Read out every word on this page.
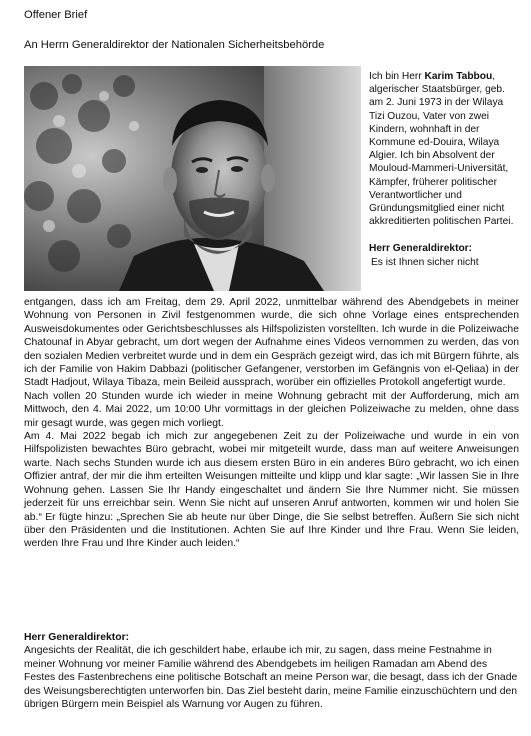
Offener Brief
An Herrn Generaldirektor der Nationalen Sicherheitsbehörde

Ich bin Herr Karim Tabbou, algerischer Staatsbürger, geb. am 2. Juni 1973 in der Wilaya Tizi Ouzou, Vater von zwei Kindern, wohnhaft in der Kommune ed-Douira, Wilaya Algier. Ich bin Absolvent der Mouloud-Mammeri-Universität, Kämpfer, früherer politischer Verantwortlicher und Gründungsmitglied einer nicht akkreditierten politischen Partei.

Herr Generaldirektor:

Es ist Ihnen sicher nicht

entgangen, dass ich am Freitag, dem 29. April 2022, unmittelbar während des Abendgebets in meiner Wohnung von Personen in Zivil festgenommen wurde, die sich ohne Vorlage eines entsprechenden Ausweisdokumentes oder Gerichtsbeschlusses als Hilfspolizisten vorstellten. Ich wurde in die Polizeiwache Chatounaf in Abyar gebracht, um dort wegen der Aufnahme eines Videos vernommen zu werden, das von den sozialen Medien verbreitet wurde und in dem ein Gespräch gezeigt wird, das ich mit Bürgern führte, als ich der Familie von Hakim Dabbazi (politischer Gefangener, verstorben im Gefängnis von el-Qeliaa) in der Stadt Hadjout, Wilaya Tibaza, mein Beileid aussprach, worüber ein offizielles Protokoll angefertigt wurde.

Nach vollen 20 Stunden wurde ich wieder in meine Wohnung gebracht mit der Aufforderung, mich am Mittwoch, den 4. Mai 2022, um 10:00 Uhr vormittags in der gleichen Polizeiwache zu melden, ohne dass mir gesagt wurde, was gegen mich vorliegt.

Am 4. Mai 2022 begab ich mich zur angegebenen Zeit zu der Polizeiwache und wurde in ein von Hilfspolizisten bewachtes Büro gebracht, wobei mir mitgeteilt wurde, dass man auf weitere Anweisungen warte. Nach sechs Stunden wurde ich aus diesem ersten Büro in ein anderes Büro gebracht, wo ich einen Offizier antraf, der mir die ihm erteilten Weisungen mitteilte und klipp und klar sagte: „Wir lassen Sie in Ihre Wohnung gehen. Lassen Sie Ihr Handy eingeschaltet und ändern Sie Ihre Nummer nicht. Sie müssen jederzeit für uns erreichbar sein. Wenn Sie nicht auf unseren Anruf antworten, kommen wir und holen Sie ab.“ Er fügte hinzu: „Sprechen Sie ab heute nur über Dinge, die Sie selbst betreffen. Äußern Sie sich nicht über den Präsidenten und die Institutionen. Achten Sie auf Ihre Kinder und Ihre Frau. Wenn Sie leiden, werden Ihre Frau und Ihre Kinder auch leiden.“

Herr Generaldirektor:

Angesichts der Realität, die ich geschildert habe, erlaube ich mir, zu sagen, dass meine Festnahme in meiner Wohnung vor meiner Familie während des Abendgebets im heiligen Ramadan am Abend des Festes des Fastenbrechens eine politische Botschaft an meine Person war, die besagt, dass ich der Gnade des Weisungsberechtigten unterworfen bin. Das Ziel besteht darin, meine Familie einzuschüchtern und den übrigen Bürgern mein Beispiel als Warnung vor Augen zu führen.
